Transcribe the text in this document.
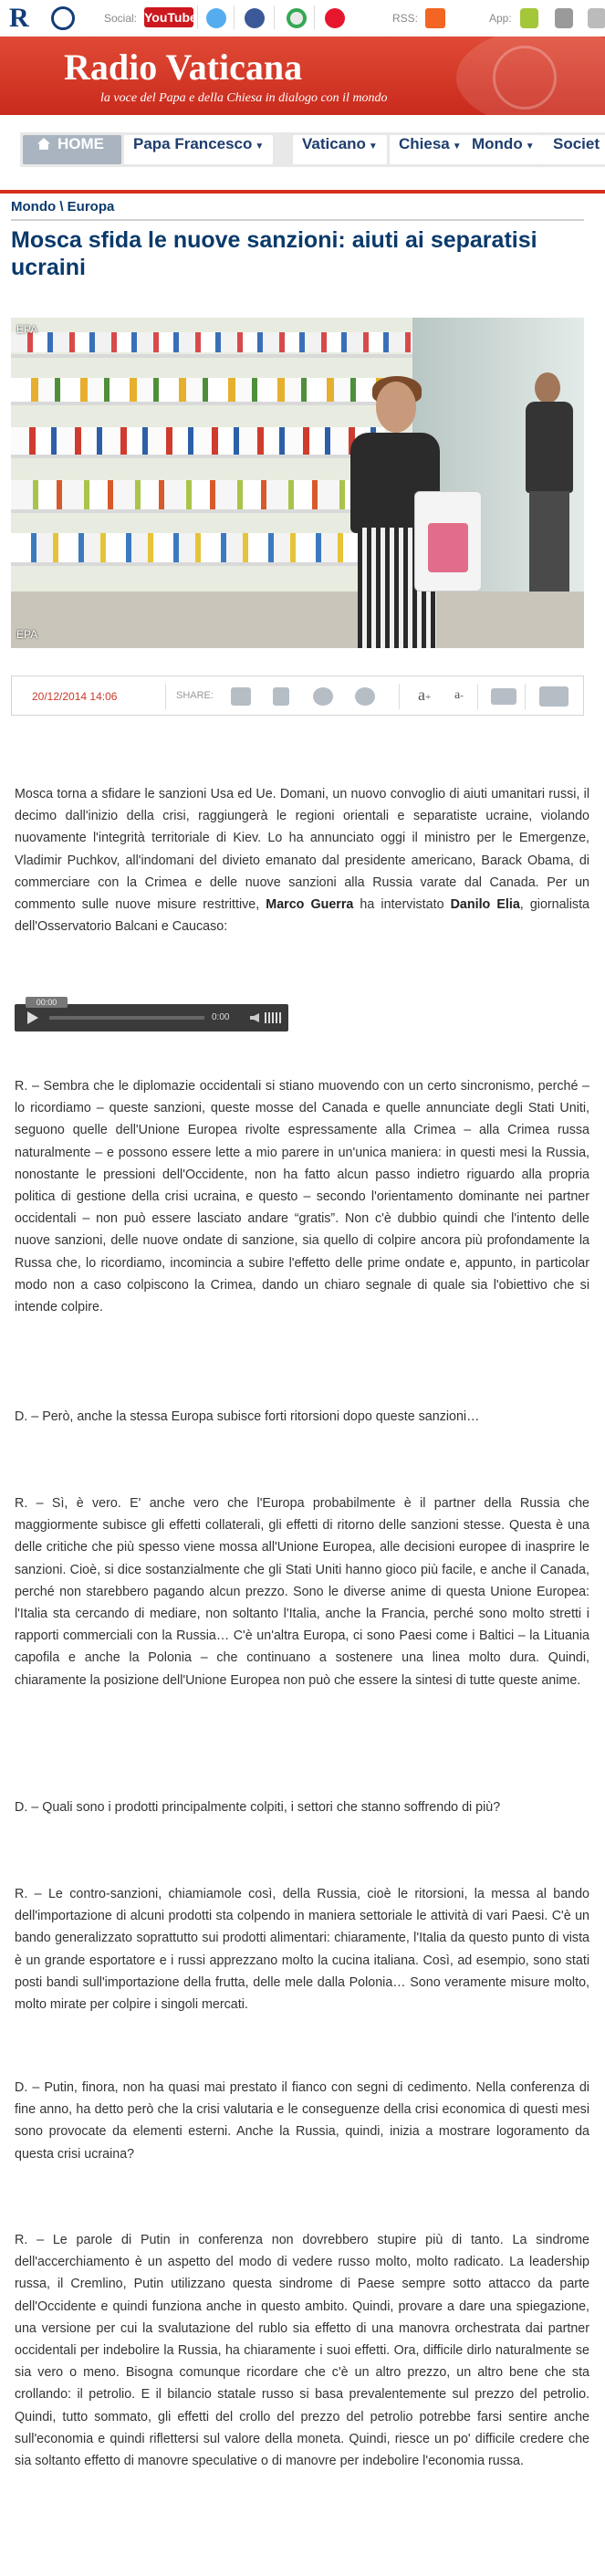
R	Social: YouTube	RSS:	App:
Radio Vaticana
la voce del Papa e della Chiesa in dialogo con il mondo
HOME	Papa Francesco ▼	Vaticano ▼	Chiesa ▼ Mondo ▼	Societ
Mondo \ Europa
Mosca sfida le nuove sanzioni: aiuti ai separatisi ucraini
EPA
EPA
20/12/2014 14:06	SHARE:	a+ a-

Mosca torna a sfidare le sanzioni Usa ed Ue. Domani, un nuovo convoglio di aiuti umanitari russi, il decimo dall'inizio della crisi, raggiungerà le regioni orientali e separatiste ucraine, violando nuovamente l'integrità territoriale di Kiev. Lo ha annunciato oggi il ministro per le Emergenze, Vladimir Puchkov, all'indomani del divieto emanato dal presidente americano, Barack Obama, di commerciare con la Crimea e delle nuove sanzioni alla Russia varate dal Canada. Per un commento sulle nuove misure restrittive, Marco Guerra ha intervistato Danilo Elia, giornalista dell'Osservatorio Balcani e Caucaso:

00:00
0:00

R. – Sembra che le diplomazie occidentali si stiano muovendo con un certo sincronismo, perché – lo ricordiamo – queste sanzioni, queste mosse del Canada e quelle annunciate degli Stati Uniti, seguono quelle dell'Unione Europea rivolte espressamente alla Crimea – alla Crimea russa naturalmente – e possono essere lette a mio parere in un'unica maniera: in questi mesi la Russia, nonostante le pressioni dell'Occidente, non ha fatto alcun passo indietro riguardo alla propria politica di gestione della crisi ucraina, e questo – secondo l'orientamento dominante nei partner occidentali – non può essere lasciato andare “gratis”. Non c'è dubbio quindi che l'intento delle nuove sanzioni, delle nuove ondate di sanzione, sia quello di colpire ancora più profondamente la Russa che, lo ricordiamo, incomincia a subire l'effetto delle prime ondate e, appunto, in particolar modo non a caso colpiscono la Crimea, dando un chiaro segnale di quale sia l'obiettivo che si intende colpire.

D. – Però, anche la stessa Europa subisce forti ritorsioni dopo queste sanzioni…

R. – Sì, è vero. E' anche vero che l'Europa probabilmente è il partner della Russia che maggiormente subisce gli effetti collaterali, gli effetti di ritorno delle sanzioni stesse. Questa è una delle critiche che più spesso viene mossa all'Unione Europea, alle decisioni europee di inasprire le sanzioni. Cioè, si dice sostanzialmente che gli Stati Uniti hanno gioco più facile, e anche il Canada, perché non starebbero pagando alcun prezzo. Sono le diverse anime di questa Unione Europea: l'Italia sta cercando di mediare, non soltanto l'Italia, anche la Francia, perché sono molto stretti i rapporti commerciali con la Russia… C'è un'altra Europa, ci sono Paesi come i Baltici – la Lituania capofila e anche la Polonia – che continuano a sostenere una linea molto dura. Quindi, chiaramente la posizione dell'Unione Europea non può che essere la sintesi di tutte queste anime.

D. – Quali sono i prodotti principalmente colpiti, i settori che stanno soffrendo di più?

R. – Le contro-sanzioni, chiamiamole così, della Russia, cioè le ritorsioni, la messa al bando dell'importazione di alcuni prodotti sta colpendo in maniera settoriale le attività di vari Paesi. C'è un bando generalizzato soprattutto sui prodotti alimentari: chiaramente, l'Italia da questo punto di vista è un grande esportatore e i russi apprezzano molto la cucina italiana. Così, ad esempio, sono stati posti bandi sull'importazione della frutta, delle mele dalla Polonia… Sono veramente misure molto, molto mirate per colpire i singoli mercati.

D. – Putin, finora, non ha quasi mai prestato il fianco con segni di cedimento. Nella conferenza di fine anno, ha detto però che la crisi valutaria e le conseguenze della crisi economica di questi mesi sono provocate da elementi esterni. Anche la Russia, quindi, inizia a mostrare logoramento da questa crisi ucraina?

R. – Le parole di Putin in conferenza non dovrebbero stupire più di tanto. La sindrome dell'accerchiamento è un aspetto del modo di vedere russo molto, molto radicato. La leadership russa, il Cremlino, Putin utilizzano questa sindrome di Paese sempre sotto attacco da parte dell'Occidente e quindi funziona anche in questo ambito. Quindi, provare a dare una spiegazione, una versione per cui la svalutazione del rublo sia effetto di una manovra orchestrata dai partner occidentali per indebolire la Russia, ha chiaramente i suoi effetti. Ora, difficile dirlo naturalmente se sia vero o meno. Bisogna comunque ricordare che c'è un altro prezzo, un altro bene che sta crollando: il petrolio. E il bilancio statale russo si basa prevalentemente sul prezzo del petrolio. Quindi, tutto sommato, gli effetti del crollo del prezzo del petrolio potrebbe farsi sentire anche sull'economia e quindi riflettersi sul valore della moneta. Quindi, riesce un po' difficile credere che sia soltanto effetto di manovre speculative o di manovre per indebolire l'economia russa.
